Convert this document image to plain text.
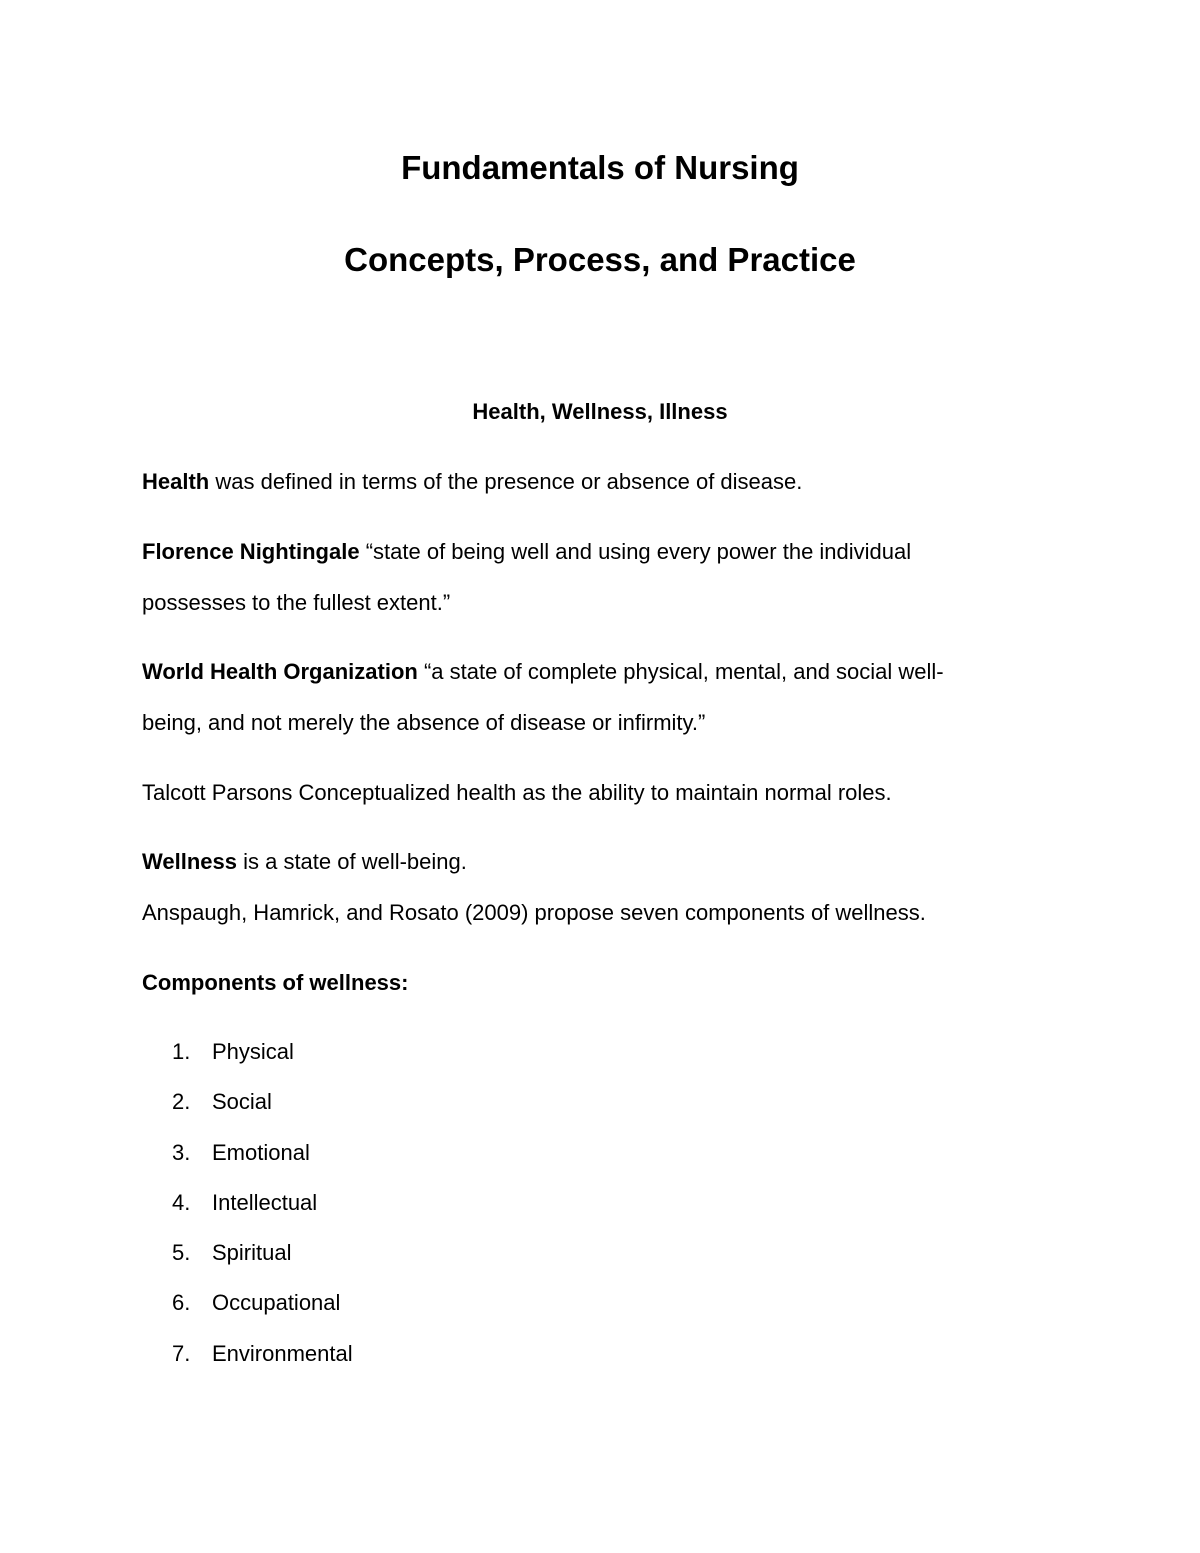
Fundamentals of Nursing
Concepts, Process, and Practice
Health, Wellness, Illness
Health was defined in terms of the presence or absence of disease.
Florence Nightingale “state of being well and using every power the individual
possesses to the fullest extent.”
World Health Organization “a state of complete physical, mental, and social well-
being, and not merely the absence of disease or infirmity.”
Talcott Parsons Conceptualized health as the ability to maintain normal roles.
Wellness is a state of well-being.
Anspaugh, Hamrick, and Rosato (2009) propose seven components of wellness.
Components of wellness:
1. Physical
2. Social
3. Emotional
4. Intellectual
5. Spiritual
6. Occupational
7. Environmental
